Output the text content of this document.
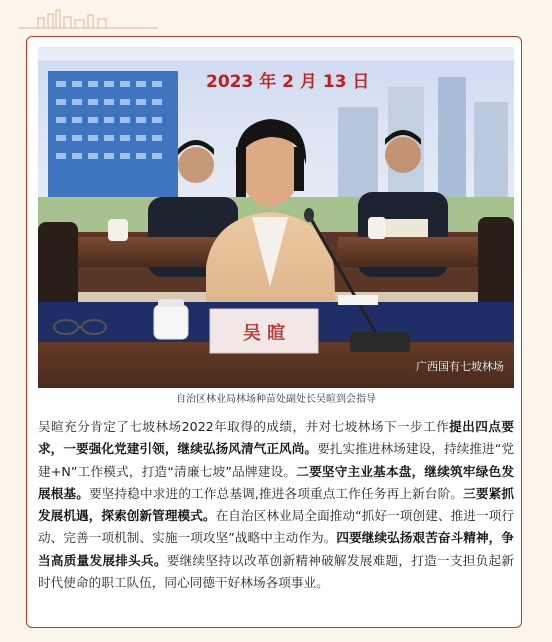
2023 年 2 月 13 日
吴 暄
广西国有七坡林场
自治区林业局林场种苗处副处长吴暄到会指导
吴暄充分肯定了七坡林场2022年取得的成绩，并对七坡林场下一步工作提出四点要求，一要强化党建引领，继续弘扬风清气正风尚。要扎实推进林场建设，持续推进“党建+N”工作模式，打造“清廉七坡”品牌建设。二要坚守主业基本盘，继续筑牢绿色发展根基。要坚持稳中求进的工作总基调,推进各项重点工作任务再上新台阶。三要紧抓发展机遇，探索创新管理模式。在自治区林业局全面推动“抓好一项创建、推进一项行动、完善一项机制、实施一项攻坚”战略中主动作为。四要继续弘扬艰苦奋斗精神，争当高质量发展排头兵。要继续坚持以改革创新精神破解发展难题，打造一支担负起新时代使命的职工队伍，同心同德干好林场各项事业。
